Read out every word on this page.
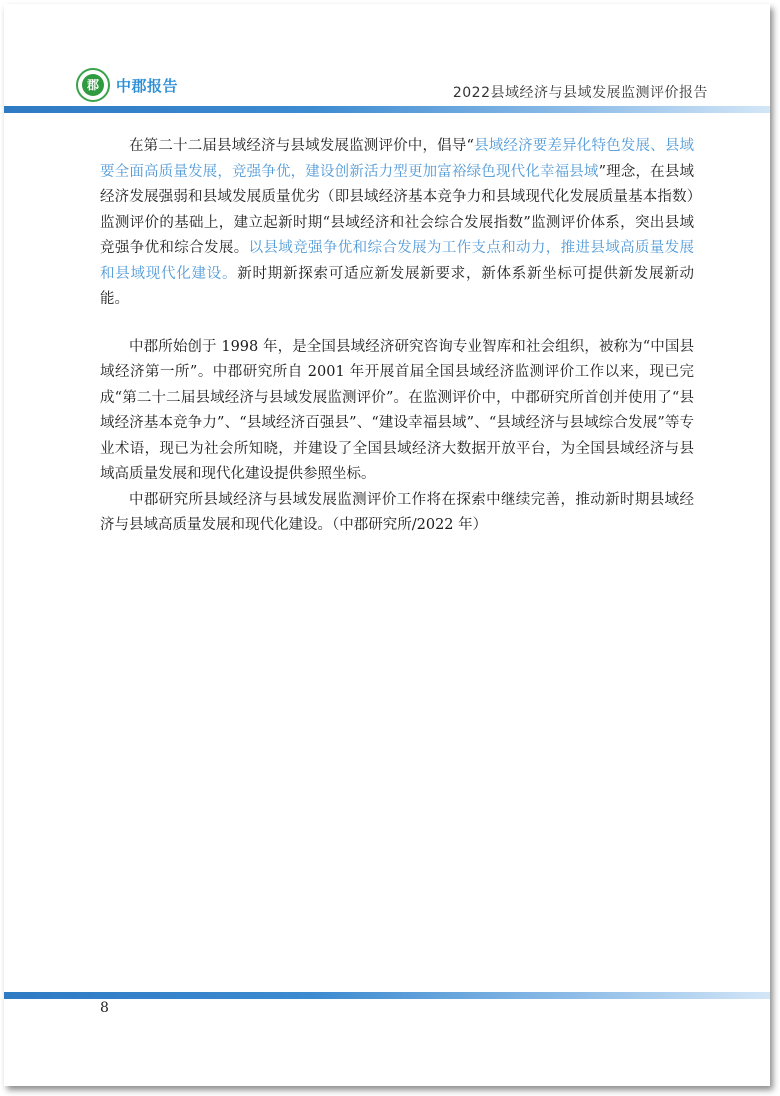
郡	中郡报告	2022县域经济与县域发展监测评价报告

在第二十二届县域经济与县域发展监测评价中，倡导“县域经济要差异化特色发展、县域要全面高质量发展，竞强争优，建设创新活力型更加富裕绿色现代化幸福县域”理念，在县域经济发展强弱和县域发展质量优劣（即县域经济基本竞争力和县域现代化发展质量基本指数）监测评价的基础上，建立起新时期“县域经济和社会综合发展指数”监测评价体系，突出县域竞强争优和综合发展。以县域竞强争优和综合发展为工作支点和动力，推进县域高质量发展和县域现代化建设。新时期新探索可适应新发展新要求，新体系新坐标可提供新发展新动能。

中郡所始创于 1998 年，是全国县域经济研究咨询专业智库和社会组织，被称为“中国县域经济第一所”。中郡研究所自 2001 年开展首届全国县域经济监测评价工作以来，现已完成“第二十二届县域经济与县域发展监测评价”。在监测评价中，中郡研究所首创并使用了“县域经济基本竞争力”、“县域经济百强县”、“建设幸福县域”、“县域经济与县域综合发展”等专业术语，现已为社会所知晓，并建设了全国县域经济大数据开放平台，为全国县域经济与县域高质量发展和现代化建设提供参照坐标。

中郡研究所县域经济与县域发展监测评价工作将在探索中继续完善，推动新时期县域经济与县域高质量发展和现代化建设。（中郡研究所/2022 年）

8
